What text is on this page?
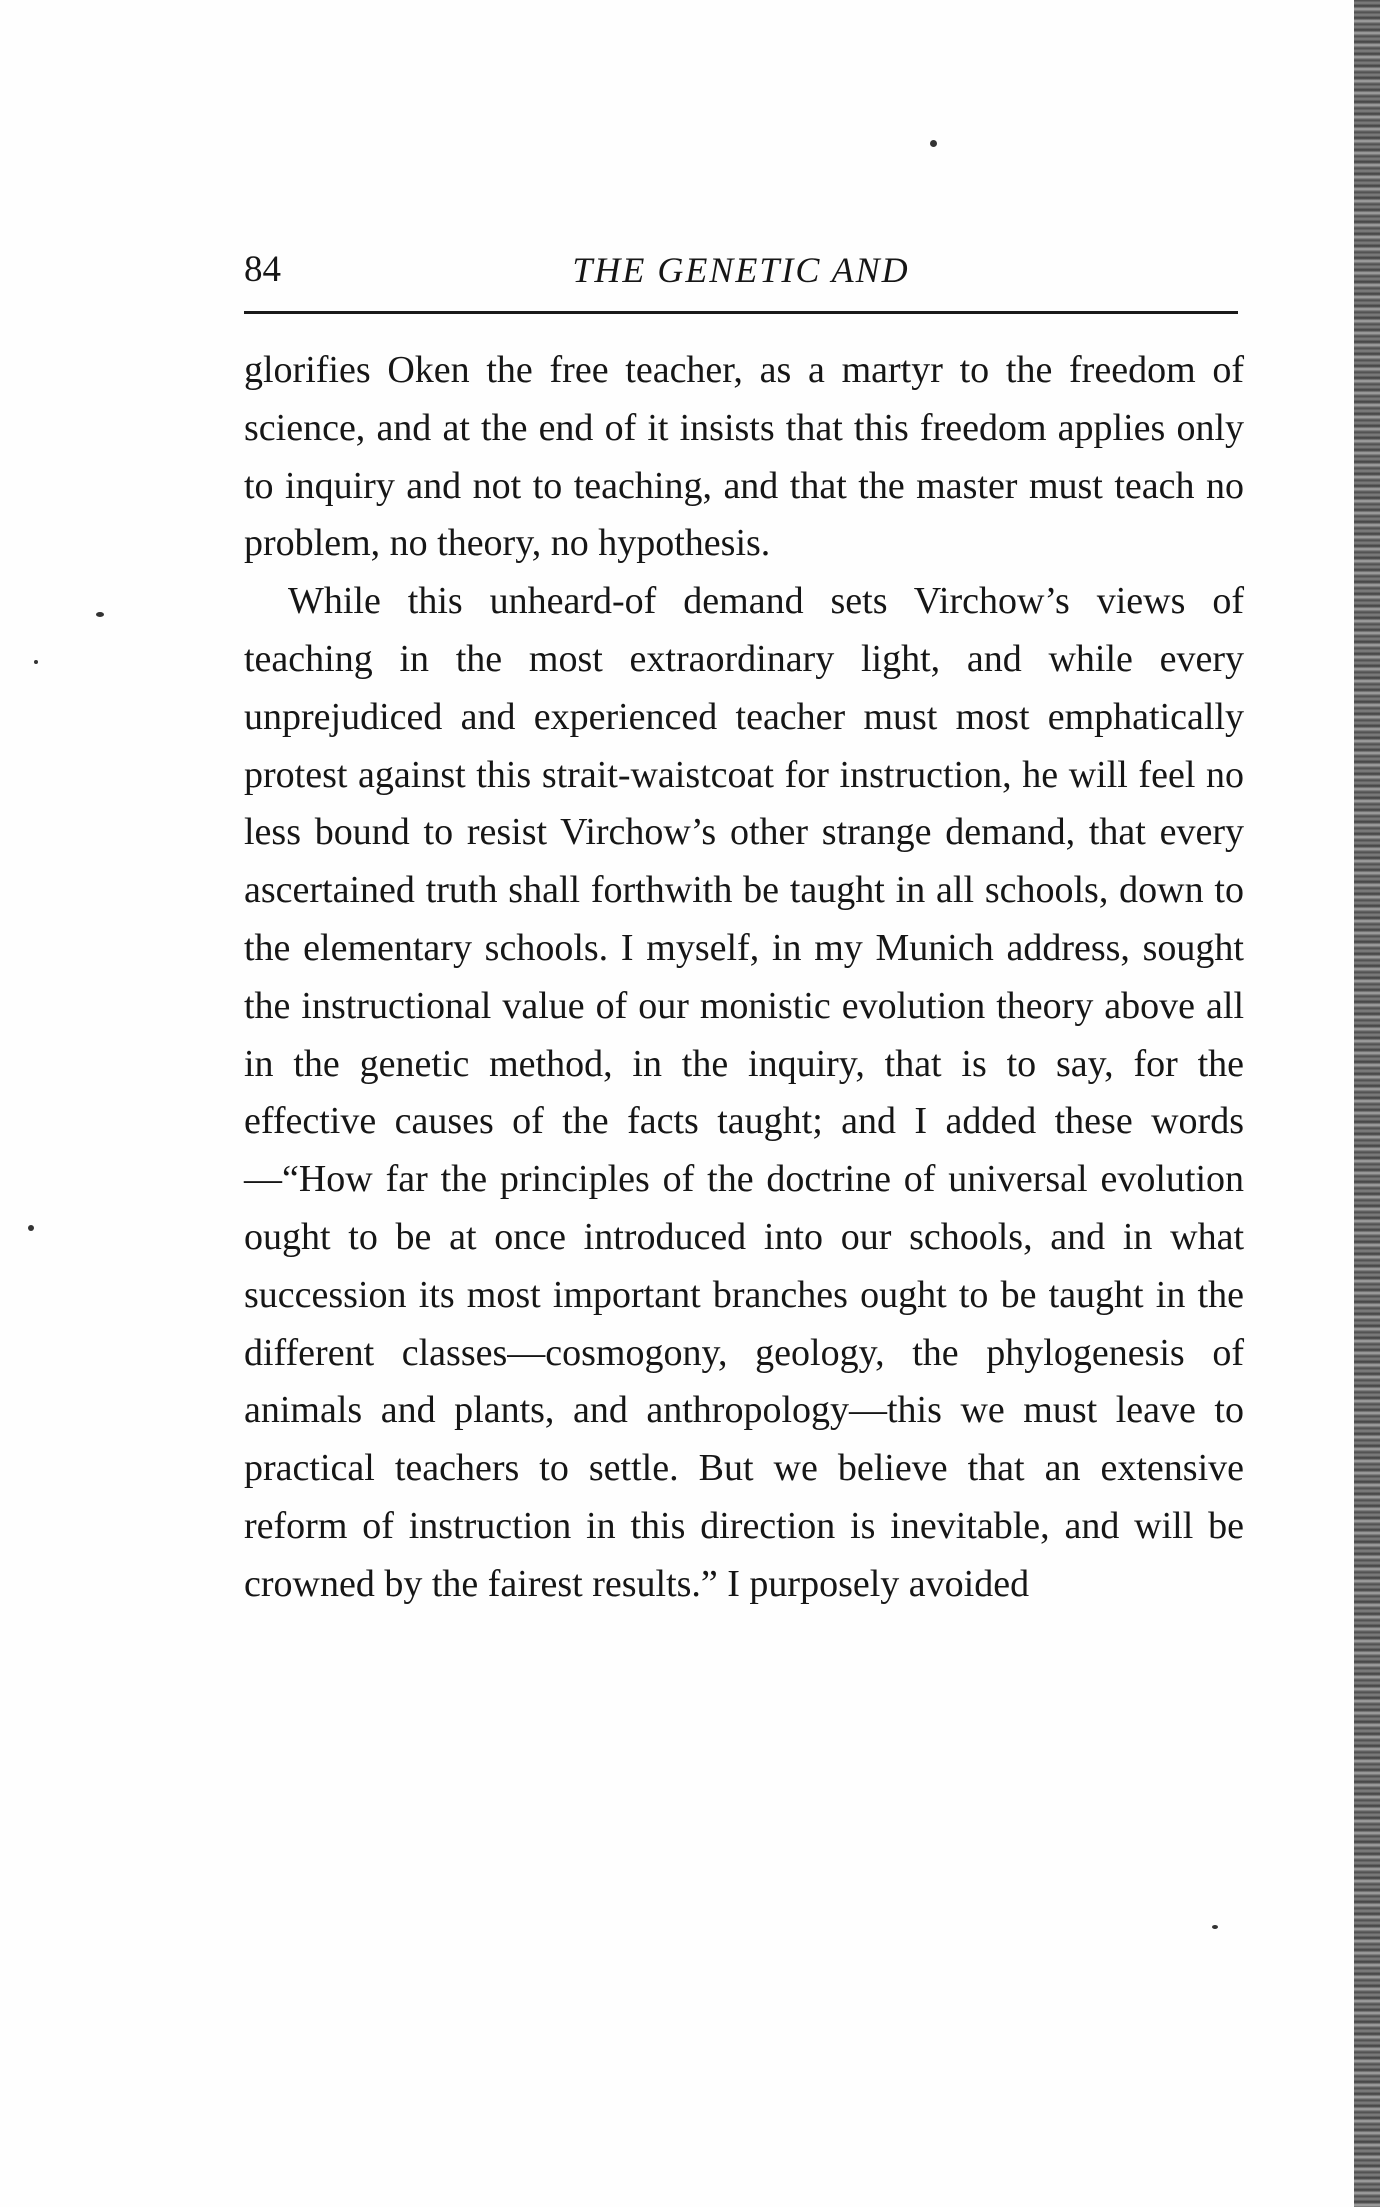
84	THE GENETIC AND

glorifies Oken the free teacher, as a martyr to the freedom of science, and at the end of it insists that this freedom applies only to inquiry and not to teaching, and that the master must teach no problem, no theory, no hypothesis.

While this unheard-of demand sets Virchow’s views of teaching in the most extraordinary light, and while every unprejudiced and experienced teacher must most emphatically protest against this strait-waistcoat for instruction, he will feel no less bound to resist Virchow’s other strange demand, that every ascertained truth shall forthwith be taught in all schools, down to the elementary schools. I myself, in my Munich address, sought the instructional value of our monistic evolution theory above all in the genetic method, in the inquiry, that is to say, for the effective causes of the facts taught; and I added these words—“How far the principles of the doctrine of universal evolution ought to be at once introduced into our schools, and in what succession its most important branches ought to be taught in the different classes—cosmogony, geology, the phylogenesis of animals and plants, and anthropology—this we must leave to practical teachers to settle. But we believe that an extensive reform of instruction in this direction is inevitable, and will be crowned by the fairest results.” I purposely avoided
